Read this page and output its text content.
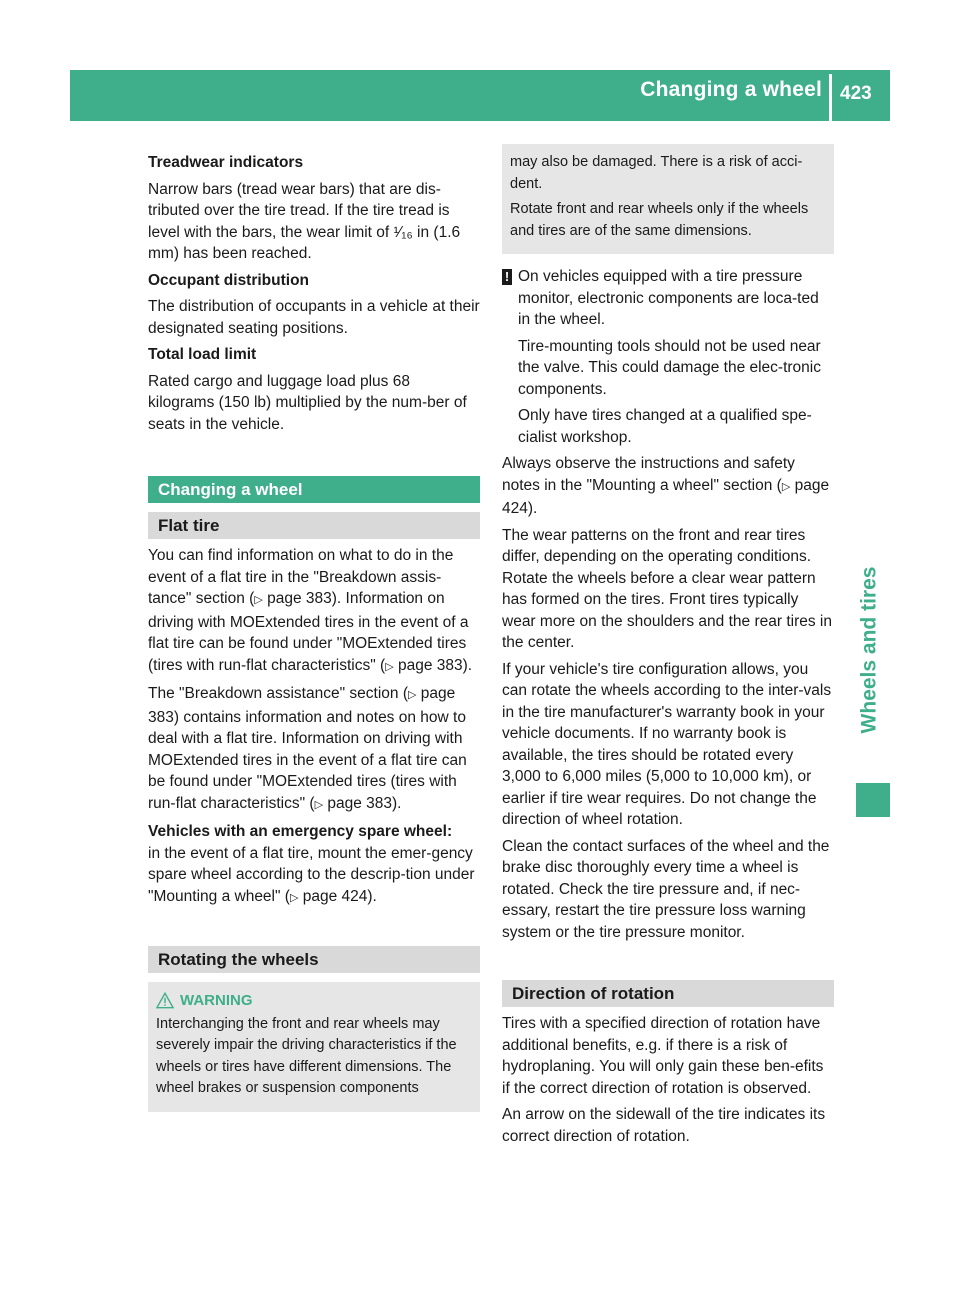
Changing a wheel 423
Wheels and tires

Treadwear indicators

Narrow bars (tread wear bars) that are dis-tributed over the tire tread. If the tire tread is level with the bars, the wear limit of ¹⁄₁₆ in (1.6 mm) has been reached.

Occupant distribution

The distribution of occupants in a vehicle at their designated seating positions.

Total load limit

Rated cargo and luggage load plus 68 kilograms (150 lb) multiplied by the num-ber of seats in the vehicle.

Changing a wheel
Flat tire

You can find information on what to do in the event of a flat tire in the "Breakdown assis-tance" section (▷ page 383). Information on driving with MOExtended tires in the event of a flat tire can be found under "MOExtended tires (tires with run-flat characteristics" (▷ page 383).

The "Breakdown assistance" section (▷ page 383) contains information and notes on how to deal with a flat tire. Information on driving with MOExtended tires in the event of a flat tire can be found under "MOExtended tires (tires with run-flat characteristics" (▷ page 383).

Vehicles with an emergency spare wheel:
in the event of a flat tire, mount the emer-gency spare wheel according to the descrip-tion under "Mounting a wheel" (▷ page 424).

Rotating the wheels
WARNING

Interchanging the front and rear wheels may severely impair the driving characteristics if the wheels or tires have different dimensions. The wheel brakes or suspension components

may also be damaged. There is a risk of acci-dent.

Rotate front and rear wheels only if the wheels and tires are of the same dimensions.

! On vehicles equipped with a tire pressure monitor, electronic components are loca-ted in the wheel.

Tire-mounting tools should not be used near the valve. This could damage the elec-tronic components.

Only have tires changed at a qualified spe-cialist workshop.

Always observe the instructions and safety notes in the "Mounting a wheel" section (▷ page 424).

The wear patterns on the front and rear tires differ, depending on the operating conditions. Rotate the wheels before a clear wear pattern has formed on the tires. Front tires typically wear more on the shoulders and the rear tires in the center.

If your vehicle's tire configuration allows, you can rotate the wheels according to the inter-vals in the tire manufacturer's warranty book in your vehicle documents. If no warranty book is available, the tires should be rotated every 3,000 to 6,000 miles (5,000 to 10,000 km), or earlier if tire wear requires. Do not change the direction of wheel rotation.

Clean the contact surfaces of the wheel and the brake disc thoroughly every time a wheel is rotated. Check the tire pressure and, if nec-essary, restart the tire pressure loss warning system or the tire pressure monitor.

Direction of rotation

Tires with a specified direction of rotation have additional benefits, e.g. if there is a risk of hydroplaning. You will only gain these ben-efits if the correct direction of rotation is observed.

An arrow on the sidewall of the tire indicates its correct direction of rotation.
